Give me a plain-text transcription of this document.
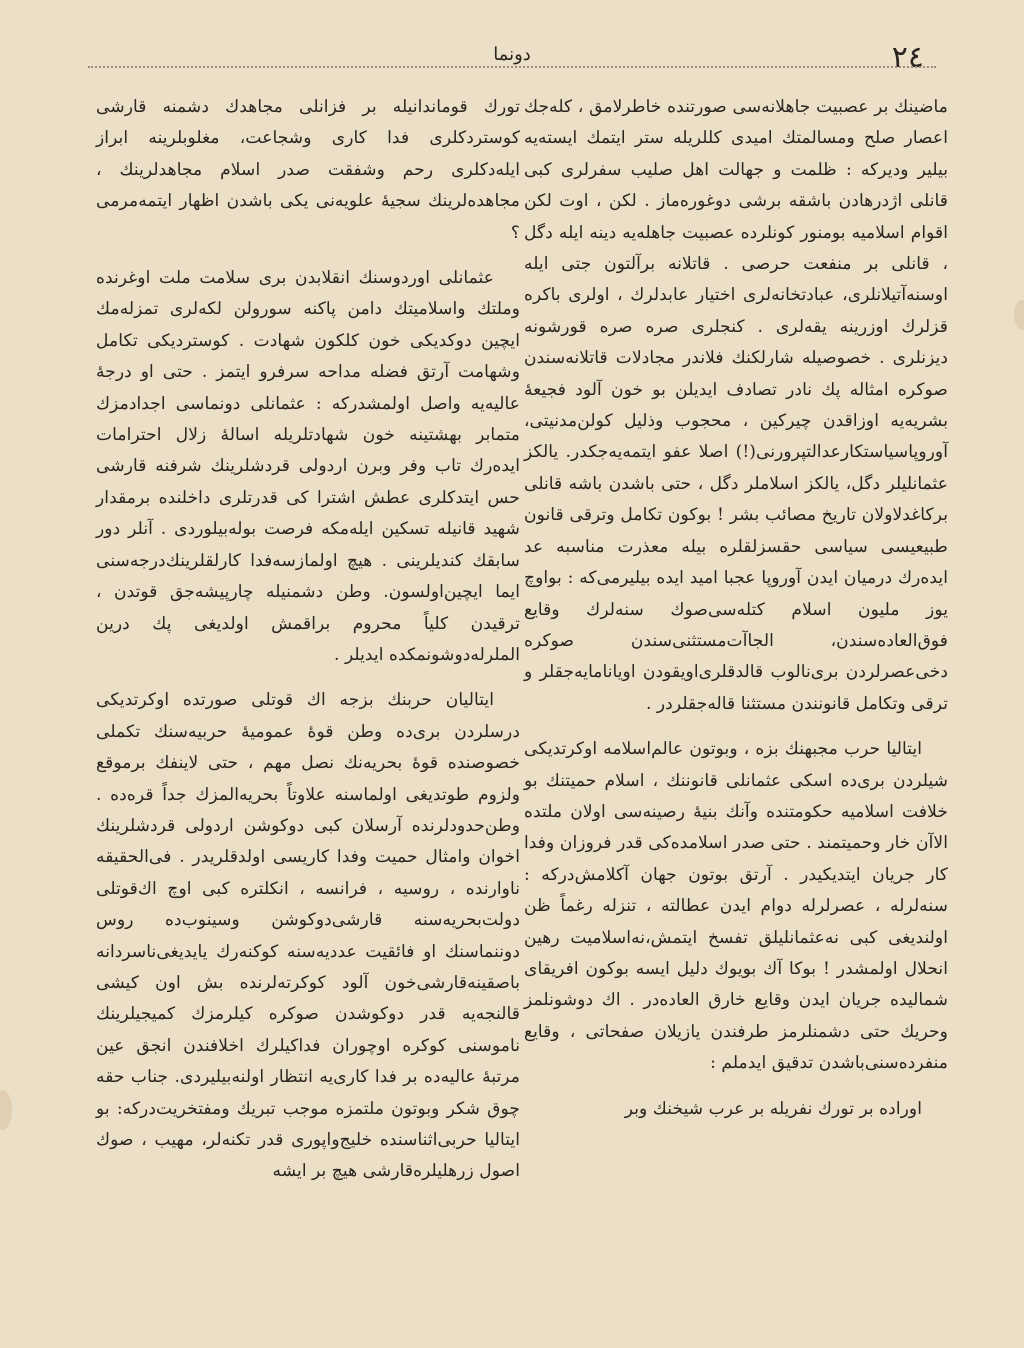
٢٤
دونما

ماضینك بر عصبیت جاهلانه‌سی صورتنده خاطرلامق ، كلەجك اعصار صلح ومسالمتك امیدی كللریله ستر ایتمك ایستەیه بیلیر ودیركه : ظلمت و جهالت اهل صلیب سفرلری كبی قانلی اژدرهادن باشقه برشی دوغوره‌ماز . لكن ، اوت لكن اقوام اسلامیه بومنور كونلرده عصبیت جاهله‌یه دینه ایله دگل ، قانلی بر منفعت حرصی . قاتلانه برآلتون جتی ایله اوسنه‌آتیلانلری، عبادتخانه‌لری اختیار عابدلرك ، اولری باكره قزلرك اوزرینه یقه‌لری . كنجلری صره صره قورشونه دیزنلری . خصوصیله شارلكنك فلاندر مجادلات قاتلانه‌سندن صوكره امثاله پك نادر تصادف ایدیلن بو خون آلود فجیعهٔ بشریه‌یه اوزاقدن چیركین ، محجوب وذلیل كولن‌مدنیتی، آوروپاسیاستكارعدالتپرورنی(!) اصلا عفو ایتمه‌یه‌جكدر. یالكز عثمانلیلر دگل، یالكز اسلاملر دگل ، حتی باشدن باشه قانلی بركاغدلاولان تاریخ مصائب بشر ! بوكون تكامل وترقی قانون طبیعیسی سیاسی حقسزلقلره بیله معذرت مناسبه عد ایده‌رك درمیان ایدن آوروپا عجبا امید ایده بیلیرمی‌كه : بواوچ یوز ملیون اسلام كتله‌سی‌صوك سنه‌لرك وقایع فوق‌العاده‌سندن، الجاآت‌مستثنی‌سندن صوكره دخی‌عصرلردن بری‌نالوب قالدقلری‌اویقودن اویانامایه‌جقلر و ترقی وتكامل قانونندن مستثنا قاله‌جقلردر .

ایتالیا حرب مجبهنك بزه ، وبوتون عالم‌اسلامه اوكرتدیكی شیلردن بری‌ده اسكی عثمانلی قانوننك ، اسلام حمیتنك بو خلافت اسلامیه حكومتنده وآنك بنیهٔ رصینه‌سی اولان ملتده الاآن خار وحمیتمند . حتی صدر اسلامده‌كی قدر فروزان وفدا كار جریان ایتدیكیدر . آرتق بوتون جهان آكلامش‌دركه : سنه‌لرله ، عصرلرله دوام ایدن عطالته ، تنزله رغماً ظن اولندیغی كبی نه‌عثمانلیلق تفسخ ایتمش،نه‌اسلامیت رهین انحلال اولمشدر ! بوكا آك بویوك دلیل ایسه بوكون افریقای شمالیده جریان ایدن وقایع خارق العاده‌در . اك دوشونلمز وحریك حتی دشمنلرمز طرفندن یازیلان صفحاتی ، وقایع منفرده‌سنی‌باشدن تدقیق ایدملم :

اوراده بر تورك نفریله بر عرب شیخنك وبر

تورك قوماندانیله بر فزانلی مجاهدك دشمنه قارشی كوستردكلری فدا كاری وشجاعت، مغلوبلرینه ابراز ایله‌دكلری رحم وشفقت صدر اسلام مجاهدلرینك ، مجاهده‌لرینك سجیهٔ علویه‌نی یكی باشدن اظهار ایتمه‌مرمی ؟

عثمانلی اوردوسنك انقلابدن بری سلامت ملت اوغرنده وملتك واسلامیتك دامن پاكنه سورولن لكه‌لری تمزلەمك ایچین دوكدیكی خون كلكون شهادت . كوستردیكی تكامل وشهامت آرتق فضله مداحه سرفرو ایتمز . حتی او درجهٔ عالیه‌یه واصل اولمشدركه : عثمانلی دونماسی اجدادمزك متمابر بهشتینه خون شهادتلریله اسالهٔ زلال احترامات ایده‌رك تاب وفر وبرن اردولی قردشلرینك شرفنه قارشی حس ایتدكلری عطش اشترا كی قدرتلری داخلنده برمقدار شهید قانیله تسكین ایلەمكه فرصت بوله‌بیلوردی . آنلر دور سابقك كندیلرینی . هیچ اولمازسه‌فدا كارلقلرینك‌درجه‌سنی ایما ایچین‌اولسون. وطن دشمنیله چارپیشه‌جق قوتدن ، ترقیدن كلیاً محروم براقمش اولدیغی پك درین الملرله‌دوشونمكده ایدیلر .

ایتالیان حربنك بزجه اك قوتلی صورتده اوكرتدیكی درسلردن بری‌ده وطن قوهٔ عمومیهٔ حربیه‌سنك تكملی خصوصنده قوهٔ بحریه‌نك نصل مهم ، حتی لاینفك برموقع ولزوم طوتدیغی اولماسنه علاوتاً بحریه‌المزك جداً قرەده . وطن‌حدودلرنده آرسلان كبی دوكوشن اردولی قردشلرینك اخوان وامثال حمیت وفدا كاریسی اولدقلریدر . فی‌الحقیقه ناوارنده ، روسیه ، فرانسه ، انكلتره كبی اوچ اك‌قوتلی دولت‌بحریه‌سنه قارشی‌دوكوشن وسینوب‌ده روس دوننماسنك او فائقیت عددیه‌سنه كوكنه‌رك یایدیغی‌ناسردانه باصقینه‌قارشی‌خون آلود كوكرته‌لرنده بش اون كیشی قالنجه‌یه قدر دوكوشدن صوكره كیلرمزك كمیجیلرینك ناموسنی كوكره اوچوران فداكیلرك اخلافندن انجق عین مرتبهٔ عالیه‌ده بر فدا كاری‌یه انتظار اولنه‌بیلیردی. جناب حقه چوق شكر وبوتون ملتمزه موجب تبریك ومفتخریت‌دركه: بو ایتالیا حربی‌اثناسنده خلیج‌واپوری قدر تكنه‌لر، مهیب ، صوك اصول زرهلیلره‌قارشی هیچ بر ایشه
